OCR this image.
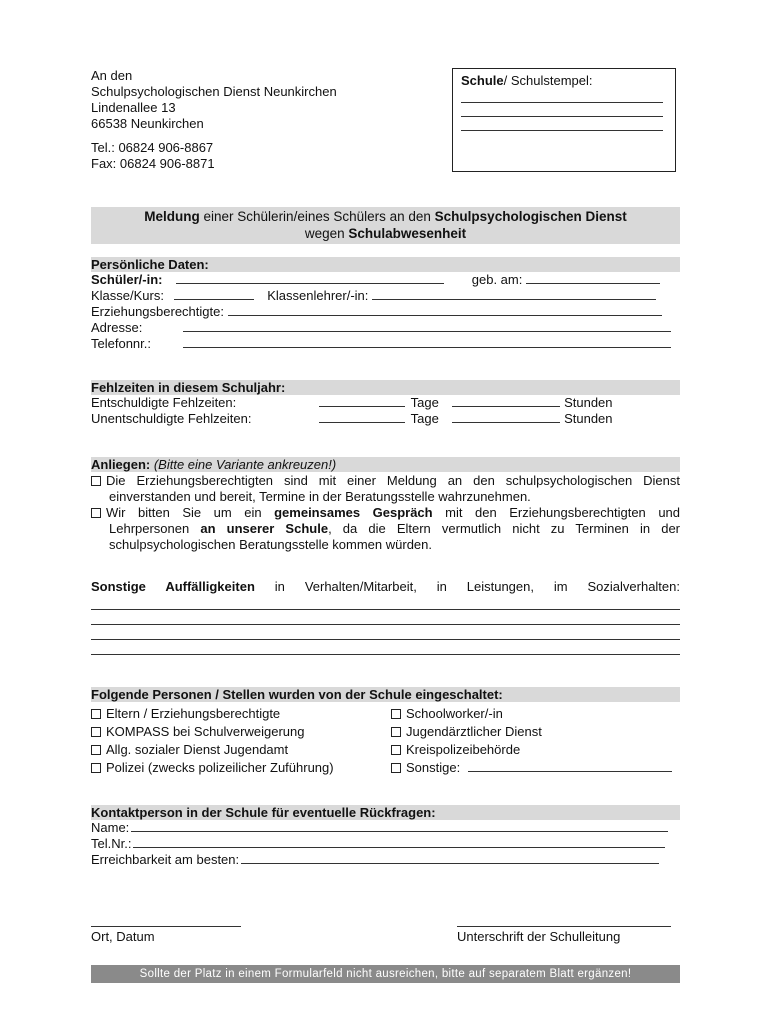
An den
Schulpsychologischen Dienst Neunkirchen
Lindenallee 13
66538 Neunkirchen
Tel.: 06824 906-8867
Fax: 06824 906-8871
Schule/ Schulstempel:
Meldung einer Schülerin/eines Schülers an den Schulpsychologischen Dienst
wegen Schulabwesenheit
Persönliche Daten:
Schüler/-in:	geb. am:
Klasse/Kurs:	Klassenlehrer/-in:
Erziehungsberechtigte:
Adresse:
Telefonnr.:
Fehlzeiten in diesem Schuljahr:
Entschuldigte Fehlzeiten:	Tage	Stunden
Unentschuldigte Fehlzeiten:	Tage	Stunden
Anliegen: (Bitte eine Variante ankreuzen!)
Die Erziehungsberechtigten sind mit einer Meldung an den schulpsychologischen Dienst
einverstanden und bereit, Termine in der Beratungsstelle wahrzunehmen.
Wir bitten Sie um ein gemeinsames Gespräch mit den Erziehungsberechtigten und
Lehrpersonen an unserer Schule, da die Eltern vermutlich nicht zu Terminen in der
schulpsychologischen Beratungsstelle kommen würden.
Sonstige Auffälligkeiten in Verhalten/Mitarbeit, in Leistungen, im Sozialverhalten:
Folgende Personen / Stellen wurden von der Schule eingeschaltet:
Eltern / Erziehungsberechtigte
KOMPASS bei Schulverweigerung
Allg. sozialer Dienst Jugendamt
Polizei (zwecks polizeilicher Zuführung)
Schoolworker/-in
Jugendärztlicher Dienst
Kreispolizeibehörde
Sonstige:
Kontaktperson in der Schule für eventuelle Rückfragen:
Name:
Tel.Nr.:
Erreichbarkeit am besten:
Ort, Datum	Unterschrift der Schulleitung
Sollte der Platz in einem Formularfeld nicht ausreichen, bitte auf separatem Blatt ergänzen!
